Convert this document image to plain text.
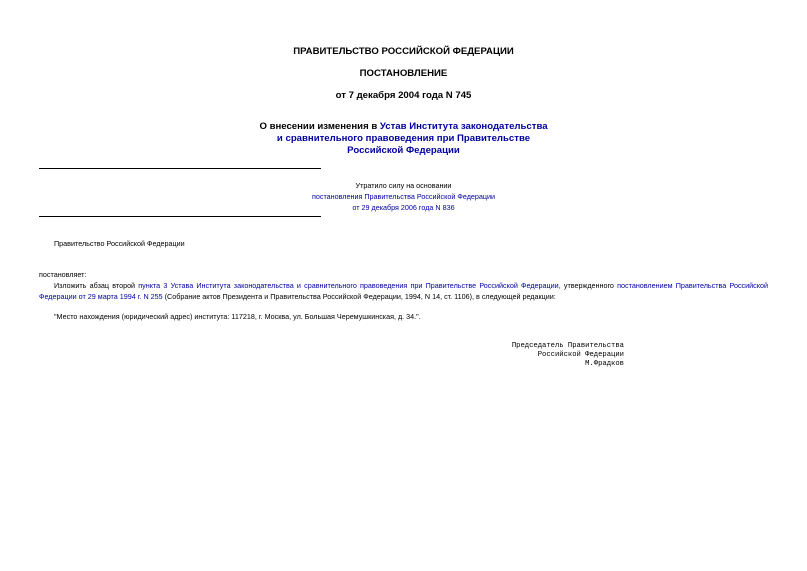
ПРАВИТЕЛЬСТВО РОССИЙСКОЙ ФЕДЕРАЦИИ
ПОСТАНОВЛЕНИЕ
от 7 декабря 2004 года N 745
О внесении изменения в Устав Института законодательства
и сравнительного правоведения при Правительстве
Российской Федерации
Утратило силу на основании
постановления Правительства Российской Федерации
от 29 декабря 2006 года N 836
Правительство Российской Федерации
постановляет:
Изложить абзац второй пункта 3 Устава Института законодательства и сравнительного правоведения при Правительстве Российской Федерации, утвержденного постановлением Правительства Российской Федерации от 29 марта 1994 г. N 255 (Собрание актов Президента и Правительства Российской Федерации, 1994, N 14, ст. 1106), в следующей редакции:
"Место нахождения (юридический адрес) института: 117218, г. Москва, ул. Большая Черемушкинская, д. 34.".
Председатель Правительства
Российской Федерации
М.Фрадков
